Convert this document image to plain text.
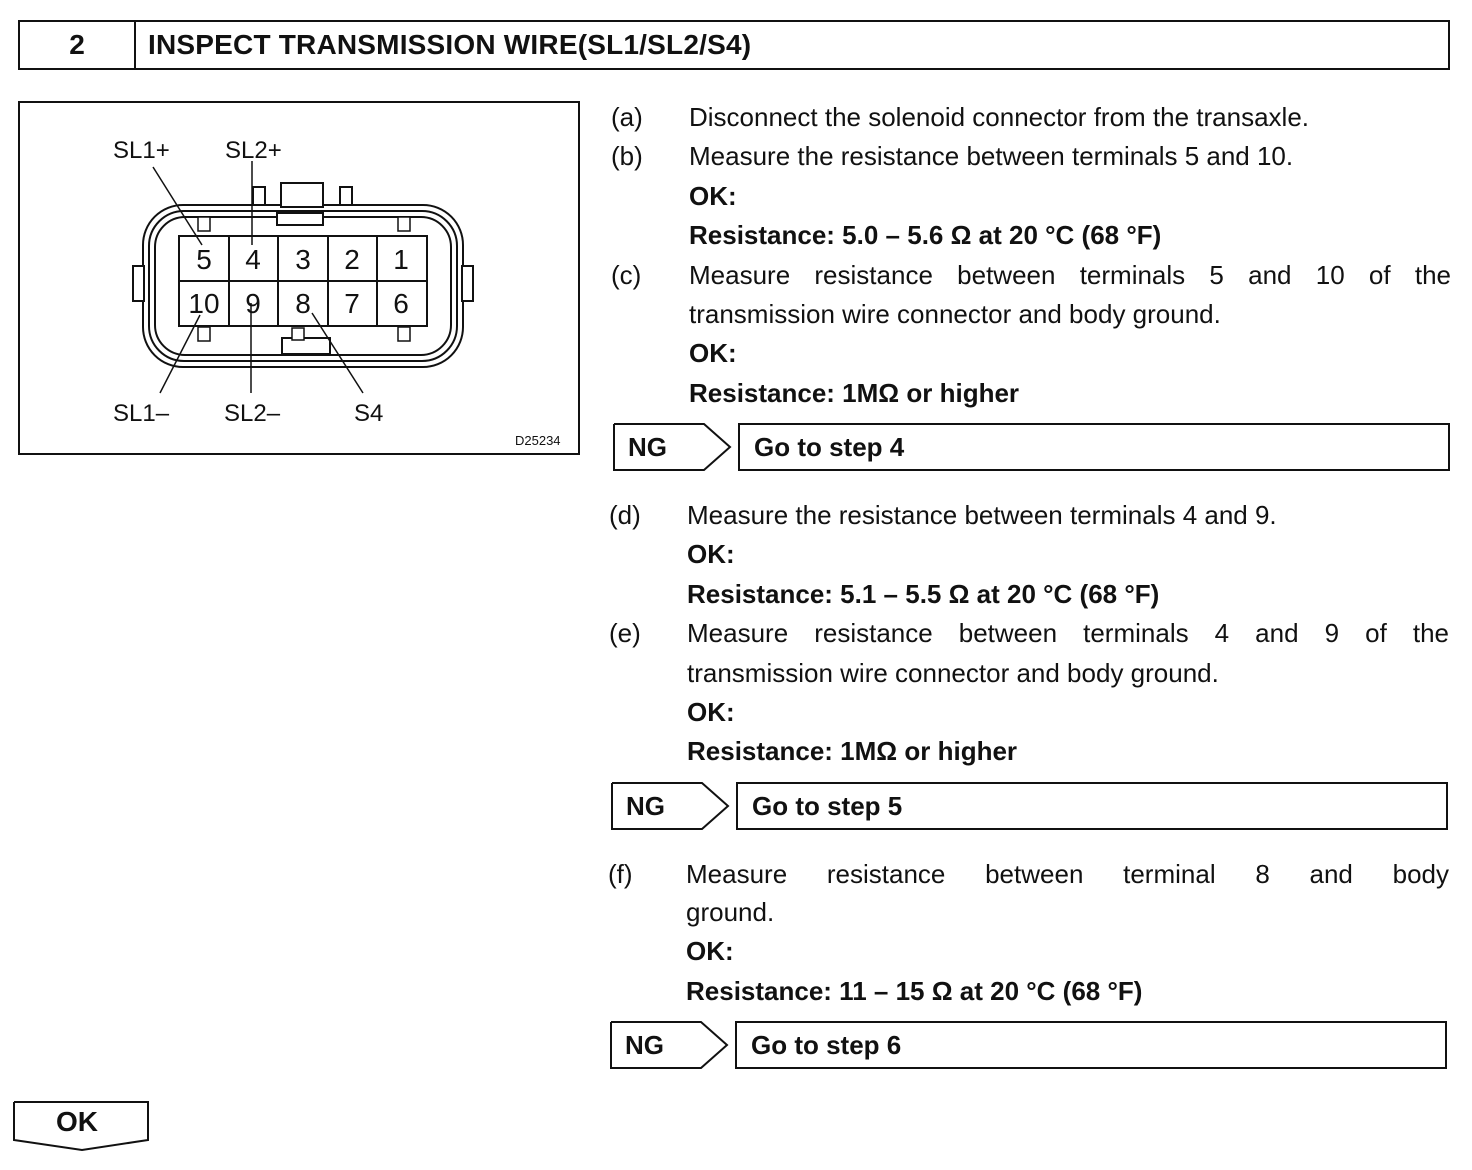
2	INSPECT TRANSMISSION WIRE(SL1/SL2/S4)
5 4 3 2 1
10 9 8 7 6
SL1+ SL2+
SL1– SL2–	S4
D25234
(a) Disconnect the solenoid connector from the transaxle.
(b) Measure the resistance between terminals 5 and 10.
OK:
Resistance: 5.0 – 5.6 Ω at 20 °C (68 °F)
(c) Measure resistance between terminals 5 and 10 of the
transmission wire connector and body ground.
OK:
Resistance: 1MΩ or higher
NG	Go to step 4
(d) Measure the resistance between terminals 4 and 9.
OK:
Resistance: 5.1 – 5.5 Ω at 20 °C (68 °F)
(e) Measure resistance between terminals 4 and 9 of the
transmission wire connector and body ground.
OK:
Resistance: 1MΩ or higher
NG	Go to step 5
(f) Measure resistance between terminal 8 and body
ground.
OK:
Resistance: 11 – 15 Ω at 20 °C (68 °F)
NG	Go to step 6
OK
